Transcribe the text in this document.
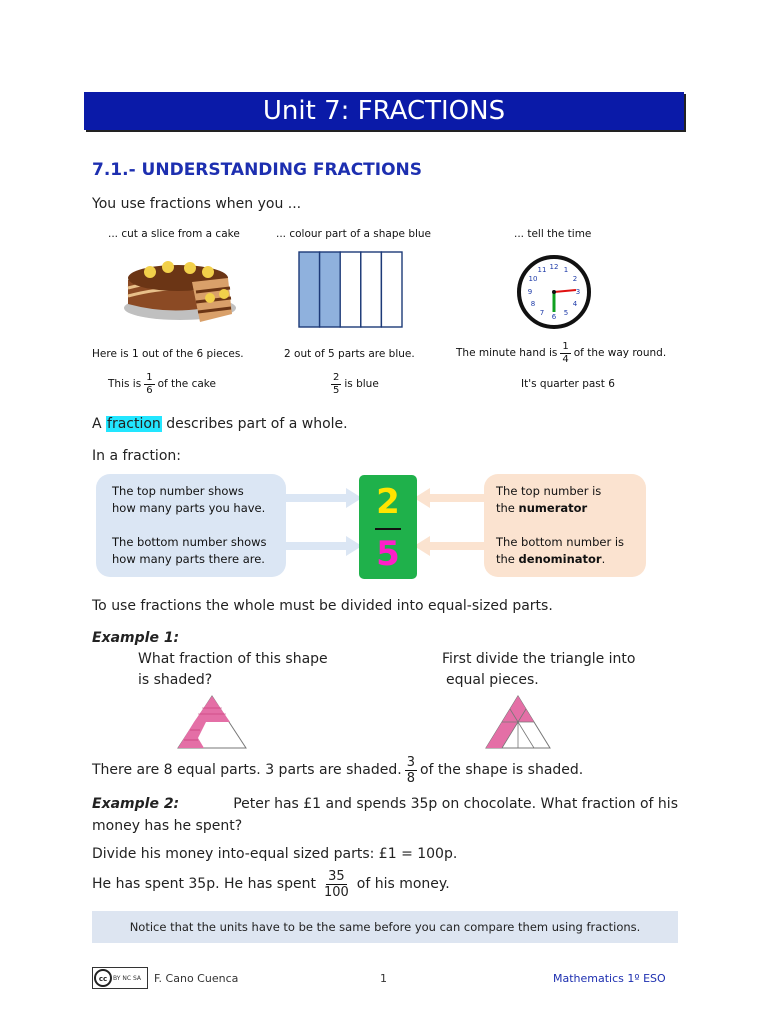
Unit 7: FRACTIONS
7.1.- UNDERSTANDING FRACTIONS
You use fractions when you ...
... cut a slice from a cake	... colour part of a shape blue	... tell the time
12 1
2
3
4
5
6
7
8
9
10
11
Here is 1 out of the 6 pieces.	2 out of 5 parts are blue.	The minute hand is $\frac{1}{4}$ of the way round.
This is $\frac{1}{6}$ of the cake	$\frac{2}{5}$ is blue	It's quarter past 6
A fraction describes part of a whole.
In a fraction:

The top number shows

how many parts you have.

The bottom number shows

how many parts there are.

2
5

The top number is

the numerator

The bottom number is

the denominator.

To use fractions the whole must be divided into equal-sized parts.
Example 1:
What fraction of this shape
is shaded?
First divide the triangle into
equal pieces.
There are 8 equal parts. 3 parts are shaded. $\frac{3}{8}$ of the shape is shaded.
Example 2:	Peter has £1 and spends 35p on chocolate. What fraction of his
money has he spent?
Divide his money into-equal sized parts: £1 = 100p.
He has spent 35p. He has spent $\frac{35}{100}$ of his money.
Notice that the units have to be the same before you can compare them using fractions.
cc BY NC SA F. Cano Cuenca	1	Mathematics 1º ESO
